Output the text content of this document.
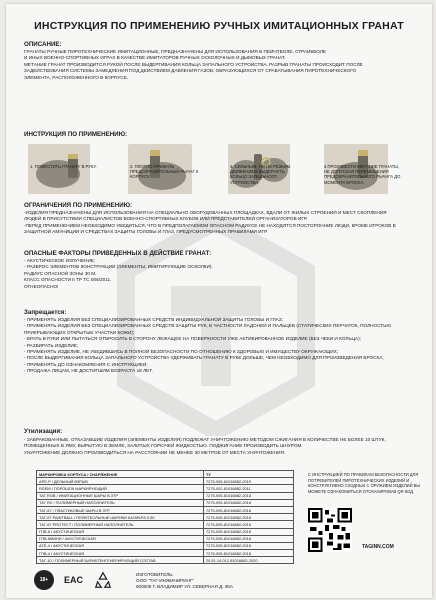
ИНСТРУКЦИЯ ПО ПРИМЕНЕНИЮ РУЧНЫХ ИМИТАЦИОННЫХ ГРАНАТ
ОПИСАНИЕ:
ГРАНАТЫ РУЧНЫЕ ПИРОТЕХНИЧЕСКИЕ ИМИТАЦИОННЫЕ, ПРЕДНАЗНАЧЕНЫ ДЛЯ ИСПОЛЬЗОВАНИЯ В ПЕЙНТБОЛЕ, СТРАЙКБОЛЕ
И ИНЫХ ВОЕННО-СПОРТИВНЫХ ИГРАХ В КАЧЕСТВЕ ИМИТАТОРОВ РУЧНЫХ ОСКОЛОЧНЫХ И ДЫМОВЫХ ГРАНАТ.
МЕТАНИЕ ГРАНАТ ПРОИЗВОДИТСЯ РУКОЙ ПОСЛЕ ВЫДЕРГИВАНИЯ КОЛЬЦА ЗАПАЛЬНОГО УСТРОЙСТВА. РАЗРЫВ ГРАНАТЫ ПРОИСХОДИТ ПОСЛЕ
ЗАДЕЙСТВОВАНИЯ СИСТЕМЫ ЗАМЕДЛЕНИЯ ПОД ДЕЙСТВИЕМ ДАВЛЕНИЯ ГАЗОВ, ОБРАЗУЮЩИХСЯ ОТ СРАБАТЫВАНИЯ ПИРОТЕХНИЧЕСКОГО
ЭЛЕМЕНТА, РАСПОЛОЖЕННОГО В КОРПУСЕ.
ИНСТРУКЦИЯ ПО ПРИМЕНЕНИЮ:
1. ПОМЕСТИТЬ ГРАНАТУ В РУКУ.	2. ПЛОТНО ПРИЖАТЬ ПРЕДОХРАНИТЕЛЬНЫЙ РЫЧАГ К КОРПУСУ.
3. СИЛЬНЫМ, НО НЕ РЕЗКИМ, ДВИЖЕНИЕМ ВЫДЕРНУТЬ КОЛЬЦО ЗАПАЛЬНОГО УСТРОЙСТВА.
4.ПРОИЗВЕСТИ МЕТАНИЕ ГРАНАТЫ, НЕ ДОПУСКАЯ ПЕРЕМЕЩЕНИЯ ПРЕДОХРАНИТЕЛЬНОГО РЫЧАГА ДО МОМЕНТА БРОСКА.
ОГРАНИЧЕНИЯ ПО ПРИМЕНЕНИЮ:
-ИЗДЕЛИЯ ПРЕДНАЗНАЧЕНЫ ДЛЯ ИСПОЛЬЗОВАНИЯ НА СПЕЦИАЛЬНО ОБОРУДОВАННЫХ ПЛОЩАДКАХ, ВДАЛИ ОТ ЖИЛЫХ СТРОЕНИЙ И МЕСТ СКОПЛЕНИЯ
ЛЮДЕЙ В ПРИСУТСТВИИ СПЕЦИАЛИСТОВ ВОЕННО-СПОРТИВНЫХ КЛУБОВ ИЛИ ПРЕДСТАВИТЕЛЕЙ ОРГАНИЗАТОРОВ ИГР.
-ПЕРЕД ПРИМЕНЕНИЕМ НЕОБХОДИМО УБЕДИТЬСЯ, ЧТО В ПРЕДПОЛАГАЕМОМ ОПАСНОМ РАДИУСЕ НЕ НАХОДЯТСЯ ПОСТОРОННИЕ ЛЮДИ, КРОМЕ ИГРОКОВ В
ЗАЩИТНОЙ АМУНИЦИИ И СРЕДСТВАХ ЗАЩИТЫ ГОЛОВЫ И ГЛАЗ, ПРЕДУСМОТРЕННЫХ ПРАВИЛАМИ ИГР.
ОПАСНЫЕ ФАКТОРЫ ПРИВЕДЕННЫХ В ДЕЙСТВИЕ ГРАНАТ:
- АКУСТИЧЕСКОЕ ИЗЛУЧЕНИЕ;
- РАЗБРОС ЭЛЕМЕНТОВ КОНСТРУКЦИИ (ЭЛЕМЕНТЫ, ИМИТИРУЮЩИЕ ОСКОЛКИ).
РАДИУС ОПАСНОЙ ЗОНЫ 30 М.
КЛАСС ОПАСНОСТИ II ТР ТС 006/2011.
ОГНЕОПАСНО!
Запрещается:
- ПРИМЕНЯТЬ ИЗДЕЛИЯ БЕЗ СПЕЦИАЛИЗИРОВАННЫХ СРЕДСТВ ИНДИВИДУАЛЬНОЙ ЗАЩИТЫ ГОЛОВЫ И ГЛАЗ;
- ПРИМЕНЯТЬ ИЗДЕЛИЯ БЕЗ СПЕЦИАЛИЗИРОВАННЫХ СРЕДСТВ ЗАЩИТЫ РУК, В ЧАСТНОСТИ ЛАДОНЕЙ И ПАЛЬЦЕВ (СТАТИЧЕСКИХ ПЕРЧАТОК, ПОЛНОСТЬЮ
ПРИКРЫВАЮЩИХ ОТКРЫТЫЕ УЧАСТКИ КОЖИ);
- БРАТЬ В РУКИ ИЛИ ПЫТАТЬСЯ ОТБРОСИТЬ В СТОРОНУ ЛЕЖАЩЕЕ НА ПОВЕРХНОСТИ УЖЕ АКТИВИРОВАННОЕ ИЗДЕЛИЕ (БЕЗ ЧЕКИ И КОЛЬЦА);
- РАЗБИРАТЬ ИЗДЕЛИЕ;
- ПРИМЕНЯТЬ ИЗДЕЛИЕ, НЕ УБЕДИВШИСЬ В ПОЛНОЙ БЕЗОПАСНОСТИ ПО ОТНОШЕНИЮ К ЗДОРОВЬЮ И ИМУЩЕСТВУ ОКРУЖАЮЩИХ;
- ПОСЛЕ ВЫДЕРГИВАНИЯ КОЛЬЦА ЗАПАЛЬНОГО УСТРОЙСТВА УДЕРЖИВАТЬ ГРАНАТУ В РУКЕ ДОЛЬШЕ, ЧЕМ НЕОБХОДИМО ДЛЯ ПРОИЗВЕДЕНИЯ БРОСКА;
- ПРИМЕНЯТЬ ДО ОЗНАКОМЛЕНИЯ С ИНСТРУКЦИЕЙ;
- ПРОДАЖА ЛИЦАМ, НЕ ДОСТИГШИМ ВОЗРАСТА 18 ЛЕТ.
Утилизация:
- ЗАБРАКОВАННЫЕ, ОТКАЗАВШИЕ ИЗДЕЛИЯ (ЭЛЕМЕНТЫ ИЗДЕЛИЯ) ПОДЛЕЖАТ УНИЧТОЖЕНИЮ МЕТОДОМ СЖИГАНИЯ В КОЛИЧЕСТВЕ НЕ БОЛЕЕ 10 ШТУК,
ПОМЕЩЕННЫХ В ЯМУ, ВЫРЫТУЮ В ЗЕМЛЕ, ЗАЛИТЫХ ГОРЮЧЕЙ ЖИДКОСТЬЮ. ПОДЖИГАНИЕ ПРОИЗВОДИТЬ ШНУРОМ.
УНИЧТОЖЕНИЕ ДОЛЖНО ПРОИЗВОДИТЬСЯ НА РАССТОЯНИИ НЕ МЕНЕЕ 30 МЕТРОВ ОТ МЕСТА УНИЧТОЖЕНИЯ.
МАРКИРОВКА КОРПУСА / СНАРЯЖЕНИЕ	ТУ
АРЕ-Р / ДЕЛЬНЫЙ ВЗРЫВ	7275-005-81016882-2019
RGEM / ПОРОШОК МАРКИРУЮЩИЙ	7275-002-81016882-2011
ТАГ RGB / ИМИТАЦИОННЫЕ ШАРЫ В ЗТР	7275-005-81016882-2018
ТАГ RV / ПОЛИМЕРНЫЙ НАПОЛНИТЕЛЬ	7275-005-81016882-2018
ТАГ-67 / ПЛАСТИКОВЫЕ ШАРЫ В ЗТР	7275-005-81016882-2018
ТАГ-67 PAINTBALL / ПЕЙНТБОЛЬНЫЕ ШАРИКИ КАЛИБРА 0.50	7275-005-81016882-2018
ТАГ-67 PROTECT / ПОЛИМЕРНЫЙ НАПОЛНИТЕЛЬ	7275-005-81016882-2018
ГПВ-6 / АКУСТИЧЕСКАЯ	7275-005-81016882-2018
ГПВ-6МИНИ / АКУСТИЧЕСКАЯ	7275-005-81016882-2018
АГЕ-4 / АКУСТИЧЕСКАЯ	7275-005-81016882-2018
ГПВ-4 / АКУСТИЧЕСКАЯ	7275-005-81016882-2018
ТАГ-10 / ПОЛИМЕРНЫЙ БАРИКТЕНГЕНЕРИРУЮЩИЙ СОСТАВ	20.51.14-012-81016882-2020
С ИНСТРУКЦИЕЙ ПО ПРАВИЛАМ БЕЗОПАСНОСТИ ДЛЯ ПОТРЕБИТЕЛЕЙ ПИРОТЕХНИЧЕСКИХ ИЗДЕЛИЙ И КОНСТРУКТИВНО СХОДНЫХ С ОРУЖИЕМ ИЗДЕЛИЙ ВЫ МОЖЕТЕ ОЗНАКОМИТЬСЯ ОТСКАНИРОВАВ QR КОД.
TAGINN.COM
18+	EAC
ИЗГОТОВИТЕЛЬ:
ООО "ТАГ-ИНЖИНИРИНГ"
600009 Г. ВЛАДИМИР УЛ. СЕВЕРНАЯ Д. 38А
